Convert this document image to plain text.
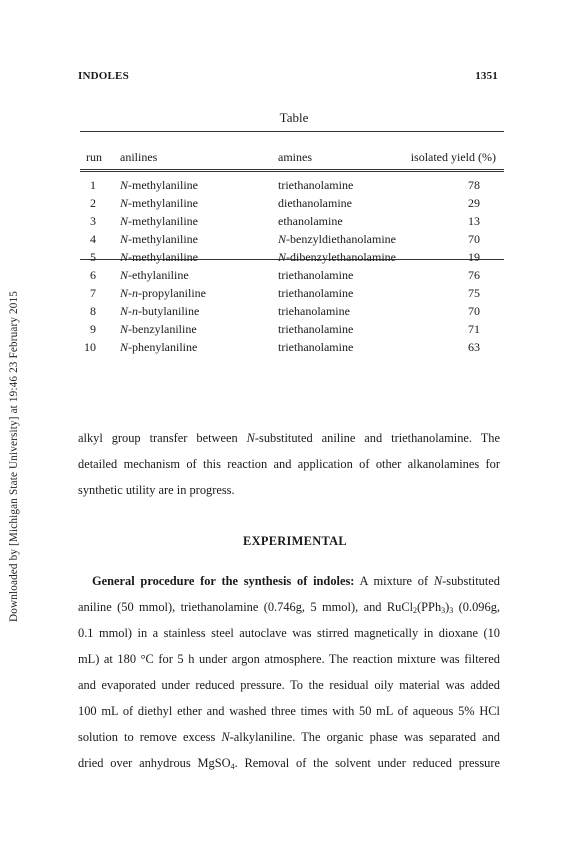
Downloaded by [Michigan State University] at 19:46 23 February 2015
INDOLES	1351
Table
run anilines	amines	isolated yield (%)
1 N-methylaniline	triethanolamine	78
2 N-methylaniline	diethanolamine	29
3 N-methylaniline	ethanolamine	13
4 N-methylaniline	N-benzyldiethanolamine	70
5 N-methylaniline	N-dibenzylethanolamine	19
6 N-ethylaniline	triethanolamine	76
7 N-n-propylaniline	triethanolamine	75
8 N-n-butylaniline	triehanolamine	70
9 N-benzylaniline	triethanolamine	71
10 N-phenylaniline	triethanolamine	63
alkyl group transfer between N-substituted aniline and triethanolamine. The
detailed mechanism of this reaction and application of other alkanolamines for
synthetic utility are in progress.
EXPERIMENTAL
General procedure for the synthesis of indoles: A mixture of N-substituted
aniline (50 mmol), triethanolamine (0.746g, 5 mmol), and $RuCl_2(PPh_3)_3$ (0.096g,
0.1 mmol) in a stainless steel autoclave was stirred magnetically in dioxane (10
mL) at 180 °C for 5 h under argon atmosphere. The reaction mixture was filtered
and evaporated under reduced pressure. To the residual oily material was added
100 mL of diethyl ether and washed three times with 50 mL of aqueous 5% HCl
solution to remove excess N-alkylaniline. The organic phase was separated and
dried over anhydrous MgSO$_4$. Removal of the solvent under reduced pressure
